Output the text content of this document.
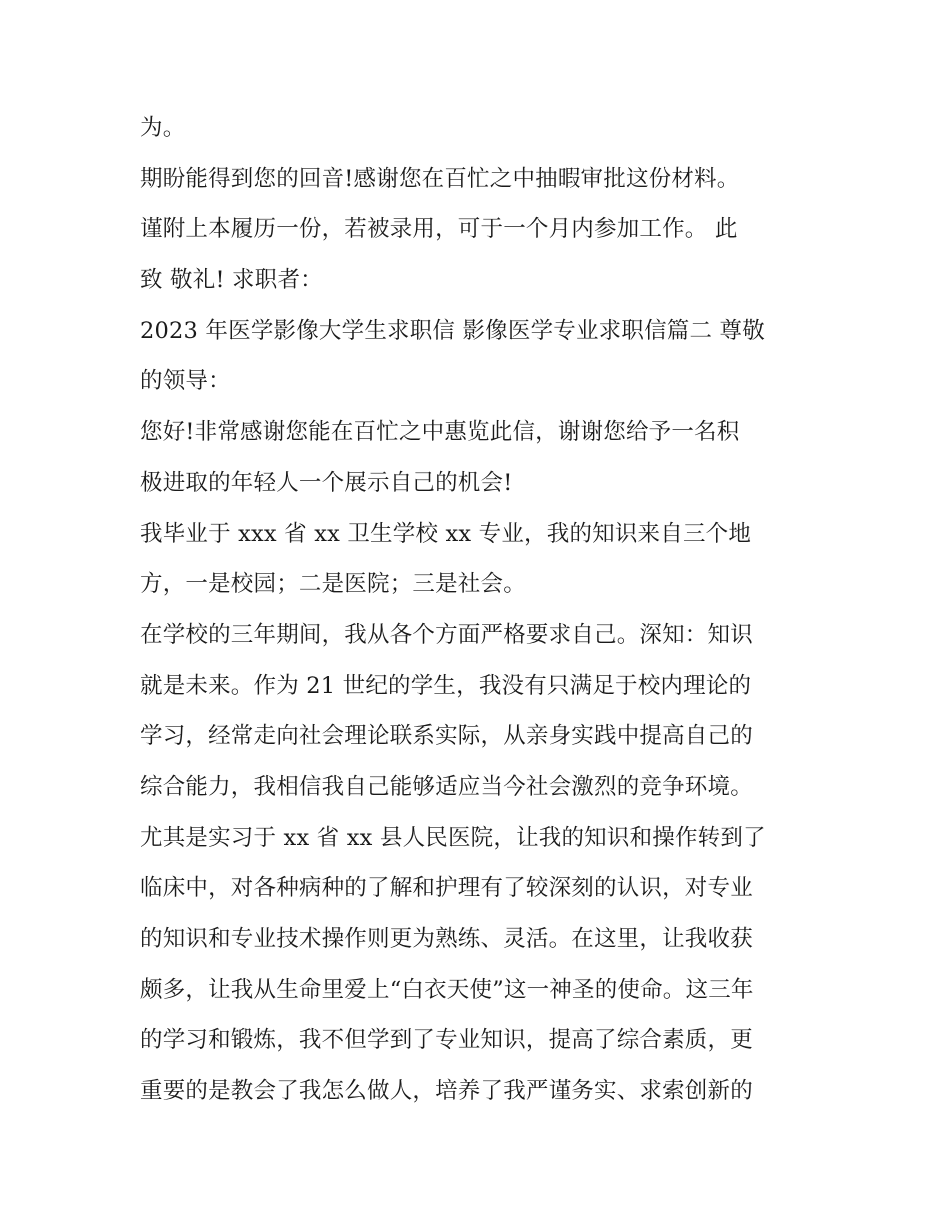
为。
期盼能得到您的回音!感谢您在百忙之中抽暇审批这份材料。
谨附上本履历一份，若被录用，可于一个月内参加工作。 此
致 敬礼! 求职者：
2023 年医学影像大学生求职信 影像医学专业求职信篇二 尊敬
的领导：
您好!非常感谢您能在百忙之中惠览此信，谢谢您给予一名积
极进取的年轻人一个展示自己的机会!
我毕业于 xxx 省 xx 卫生学校 xx 专业，我的知识来自三个地
方，一是校园；二是医院；三是社会。
在学校的三年期间，我从各个方面严格要求自己。深知：知识
就是未来。作为 21 世纪的学生，我没有只满足于校内理论的
学习，经常走向社会理论联系实际，从亲身实践中提高自己的
综合能力，我相信我自己能够适应当今社会激烈的竞争环境。
尤其是实习于 xx 省 xx 县人民医院，让我的知识和操作转到了
临床中，对各种病种的了解和护理有了较深刻的认识，对专业
的知识和专业技术操作则更为熟练、灵活。在这里，让我收获
颇多，让我从生命里爱上“白衣天使”这一神圣的使命。这三年
的学习和锻炼，我不但学到了专业知识，提高了综合素质，更
重要的是教会了我怎么做人，培养了我严谨务实、求索创新的
